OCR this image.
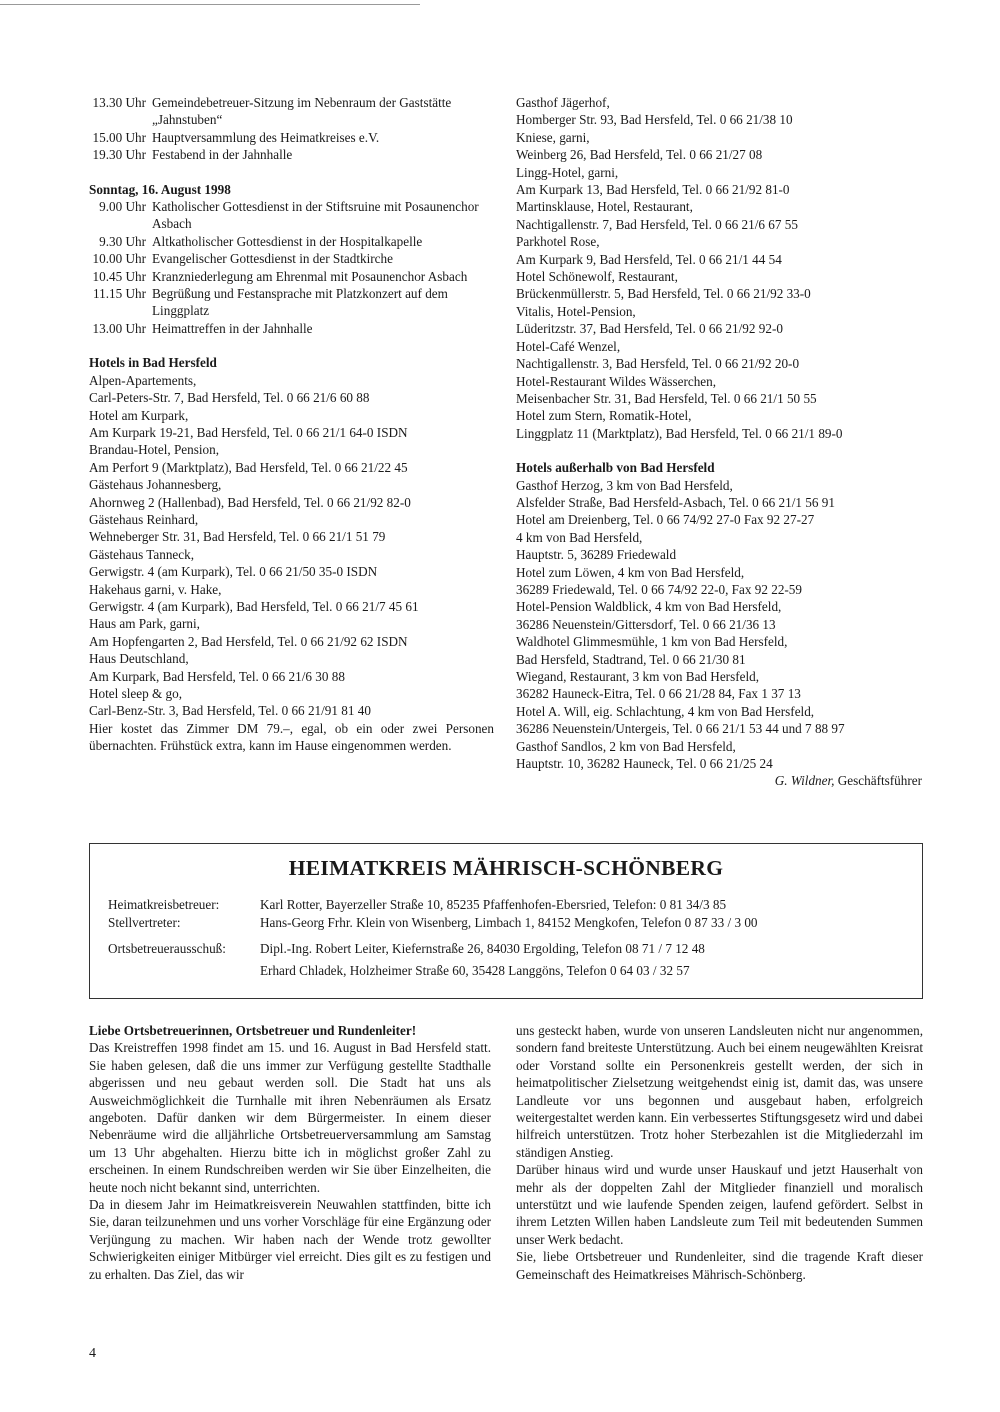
13.30 Uhr Gemeindebetreuer-Sitzung im Nebenraum der Gaststätte „Jahnstuben“
15.00 Uhr Hauptversammlung des Heimatkreises e.V.
19.30 Uhr Festabend in der Jahnhalle
Sonntag, 16. August 1998
9.00 Uhr Katholischer Gottesdienst in der Stiftsruine mit Posaunenchor Asbach
9.30 Uhr Altkatholischer Gottesdienst in der Hospitalkapelle
10.00 Uhr Evangelischer Gottesdienst in der Stadtkirche
10.45 Uhr Kranzniederlegung am Ehrenmal mit Posaunenchor Asbach
11.15 Uhr Begrüßung und Festansprache mit Platzkonzert auf dem Linggplatz
13.00 Uhr Heimattreffen in der Jahnhalle
Hotels in Bad Hersfeld
Alpen-Apartements,
Carl-Peters-Str. 7, Bad Hersfeld, Tel. 0 66 21/6 60 88
Hotel am Kurpark,
Am Kurpark 19-21, Bad Hersfeld, Tel. 0 66 21/1 64-0 ISDN
Brandau-Hotel, Pension,
Am Perfort 9 (Marktplatz), Bad Hersfeld, Tel. 0 66 21/22 45
Gästehaus Johannesberg,
Ahornweg 2 (Hallenbad), Bad Hersfeld, Tel. 0 66 21/92 82-0
Gästehaus Reinhard,
Wehneberger Str. 31, Bad Hersfeld, Tel. 0 66 21/1 51 79
Gästehaus Tanneck,
Gerwigstr. 4 (am Kurpark), Tel. 0 66 21/50 35-0 ISDN
Hakehaus garni, v. Hake,
Gerwigstr. 4 (am Kurpark), Bad Hersfeld, Tel. 0 66 21/7 45 61
Haus am Park, garni,
Am Hopfengarten 2, Bad Hersfeld, Tel. 0 66 21/92 62 ISDN
Haus Deutschland,
Am Kurpark, Bad Hersfeld, Tel. 0 66 21/6 30 88
Hotel sleep & go,
Carl-Benz-Str. 3, Bad Hersfeld, Tel. 0 66 21/91 81 40
Hier kostet das Zimmer DM 79.–, egal, ob ein oder zwei Personen übernachten. Frühstück extra, kann im Hause eingenommen werden.
Gasthof Jägerhof,
Homberger Str. 93, Bad Hersfeld, Tel. 0 66 21/38 10
Kniese, garni,
Weinberg 26, Bad Hersfeld, Tel. 0 66 21/27 08
Lingg-Hotel, garni,
Am Kurpark 13, Bad Hersfeld, Tel. 0 66 21/92 81-0
Martinsklause, Hotel, Restaurant,
Nachtigallenstr. 7, Bad Hersfeld, Tel. 0 66 21/6 67 55
Parkhotel Rose,
Am Kurpark 9, Bad Hersfeld, Tel. 0 66 21/1 44 54
Hotel Schönewolf, Restaurant,
Brückenmüllerstr. 5, Bad Hersfeld, Tel. 0 66 21/92 33-0
Vitalis, Hotel-Pension,
Lüderitzstr. 37, Bad Hersfeld, Tel. 0 66 21/92 92-0
Hotel-Café Wenzel,
Nachtigallenstr. 3, Bad Hersfeld, Tel. 0 66 21/92 20-0
Hotel-Restaurant Wildes Wässerchen,
Meisenbacher Str. 31, Bad Hersfeld, Tel. 0 66 21/1 50 55
Hotel zum Stern, Romatik-Hotel,
Linggplatz 11 (Marktplatz), Bad Hersfeld, Tel. 0 66 21/1 89-0
Hotels außerhalb von Bad Hersfeld
Gasthof Herzog, 3 km von Bad Hersfeld,
Alsfelder Straße, Bad Hersfeld-Asbach, Tel. 0 66 21/1 56 91
Hotel am Dreienberg, Tel. 0 66 74/92 27-0 Fax 92 27-27
4 km von Bad Hersfeld,
Hauptstr. 5, 36289 Friedewald
Hotel zum Löwen, 4 km von Bad Hersfeld,
36289 Friedewald, Tel. 0 66 74/92 22-0, Fax 92 22-59
Hotel-Pension Waldblick, 4 km von Bad Hersfeld,
36286 Neuenstein/Gittersdorf, Tel. 0 66 21/36 13
Waldhotel Glimmesmühle, 1 km von Bad Hersfeld,
Bad Hersfeld, Stadtrand, Tel. 0 66 21/30 81
Wiegand, Restaurant, 3 km von Bad Hersfeld,
36282 Hauneck-Eitra, Tel. 0 66 21/28 84, Fax 1 37 13
Hotel A. Will, eig. Schlachtung, 4 km von Bad Hersfeld,
36286 Neuenstein/Untergeis, Tel. 0 66 21/1 53 44 und 7 88 97
Gasthof Sandlos, 2 km von Bad Hersfeld,
Hauptstr. 10, 36282 Hauneck, Tel. 0 66 21/25 24
G. Wildner, Geschäftsführer
HEIMATKREIS MÄHRISCH-SCHÖNBERG
Heimatkreisbetreuer:	Karl Rotter, Bayerzeller Straße 10, 85235 Pfaffenhofen-Ebersried, Telefon: 0 81 34/3 85
Stellvertreter:	Hans-Georg Frhr. Klein von Wisenberg, Limbach 1, 84152 Mengkofen, Telefon 0 87 33 / 3 00
Ortsbetreuerausschuß:	Dipl.-Ing. Robert Leiter, Kiefernstraße 26, 84030 Ergolding, Telefon 08 71 / 7 12 48
Erhard Chladek, Holzheimer Straße 60, 35428 Langgöns, Telefon 0 64 03 / 32 57

Liebe Ortsbetreuerinnen, Ortsbetreuer und Rundenleiter!

Das Kreistreffen 1998 findet am 15. und 16. August in Bad Hersfeld statt. Sie haben gelesen, daß die uns immer zur Verfügung gestellte Stadthalle abgerissen und neu gebaut werden soll. Die Stadt hat uns als Ausweichmöglichkeit die Turnhalle mit ihren Nebenräumen als Ersatz angeboten. Dafür danken wir dem Bürgermeister. In einem dieser Nebenräume wird die alljährliche Ortsbetreuerversammlung am Samstag um 13 Uhr abgehalten. Hierzu bitte ich in möglichst großer Zahl zu erscheinen. In einem Rundschreiben werden wir Sie über Einzelheiten, die heute noch nicht bekannt sind, unterrichten.

Da in diesem Jahr im Heimatkreisverein Neuwahlen stattfinden, bitte ich Sie, daran teilzunehmen und uns vorher Vorschläge für eine Ergänzung oder Verjüngung zu machen. Wir haben nach der Wende trotz gewollter Schwierigkeiten einiger Mitbürger viel erreicht. Dies gilt es zu festigen und zu erhalten. Das Ziel, das wir

uns gesteckt haben, wurde von unseren Landsleuten nicht nur angenommen, sondern fand breiteste Unterstützung. Auch bei einem neugewählten Kreisrat oder Vorstand sollte ein Personenkreis gestellt werden, der sich in heimatpolitischer Zielsetzung weitgehendst einig ist, damit das, was unsere Landleute vor uns begonnen und ausgebaut haben, erfolgreich weitergestaltet werden kann. Ein verbessertes Stiftungsgesetz wird und dabei hilfreich unterstützen. Trotz hoher Sterbezahlen ist die Mitgliederzahl im ständigen Anstieg.

Darüber hinaus wird und wurde unser Hauskauf und jetzt Hauserhalt von mehr als der doppelten Zahl der Mitglieder finanziell und moralisch unterstützt und wie laufende Spenden zeigen, laufend gefördert. Selbst in ihrem Letzten Willen haben Landsleute zum Teil mit bedeutenden Summen unser Werk bedacht.

Sie, liebe Ortsbetreuer und Rundenleiter, sind die tragende Kraft dieser Gemeinschaft des Heimatkreises Mährisch-Schönberg.

4
